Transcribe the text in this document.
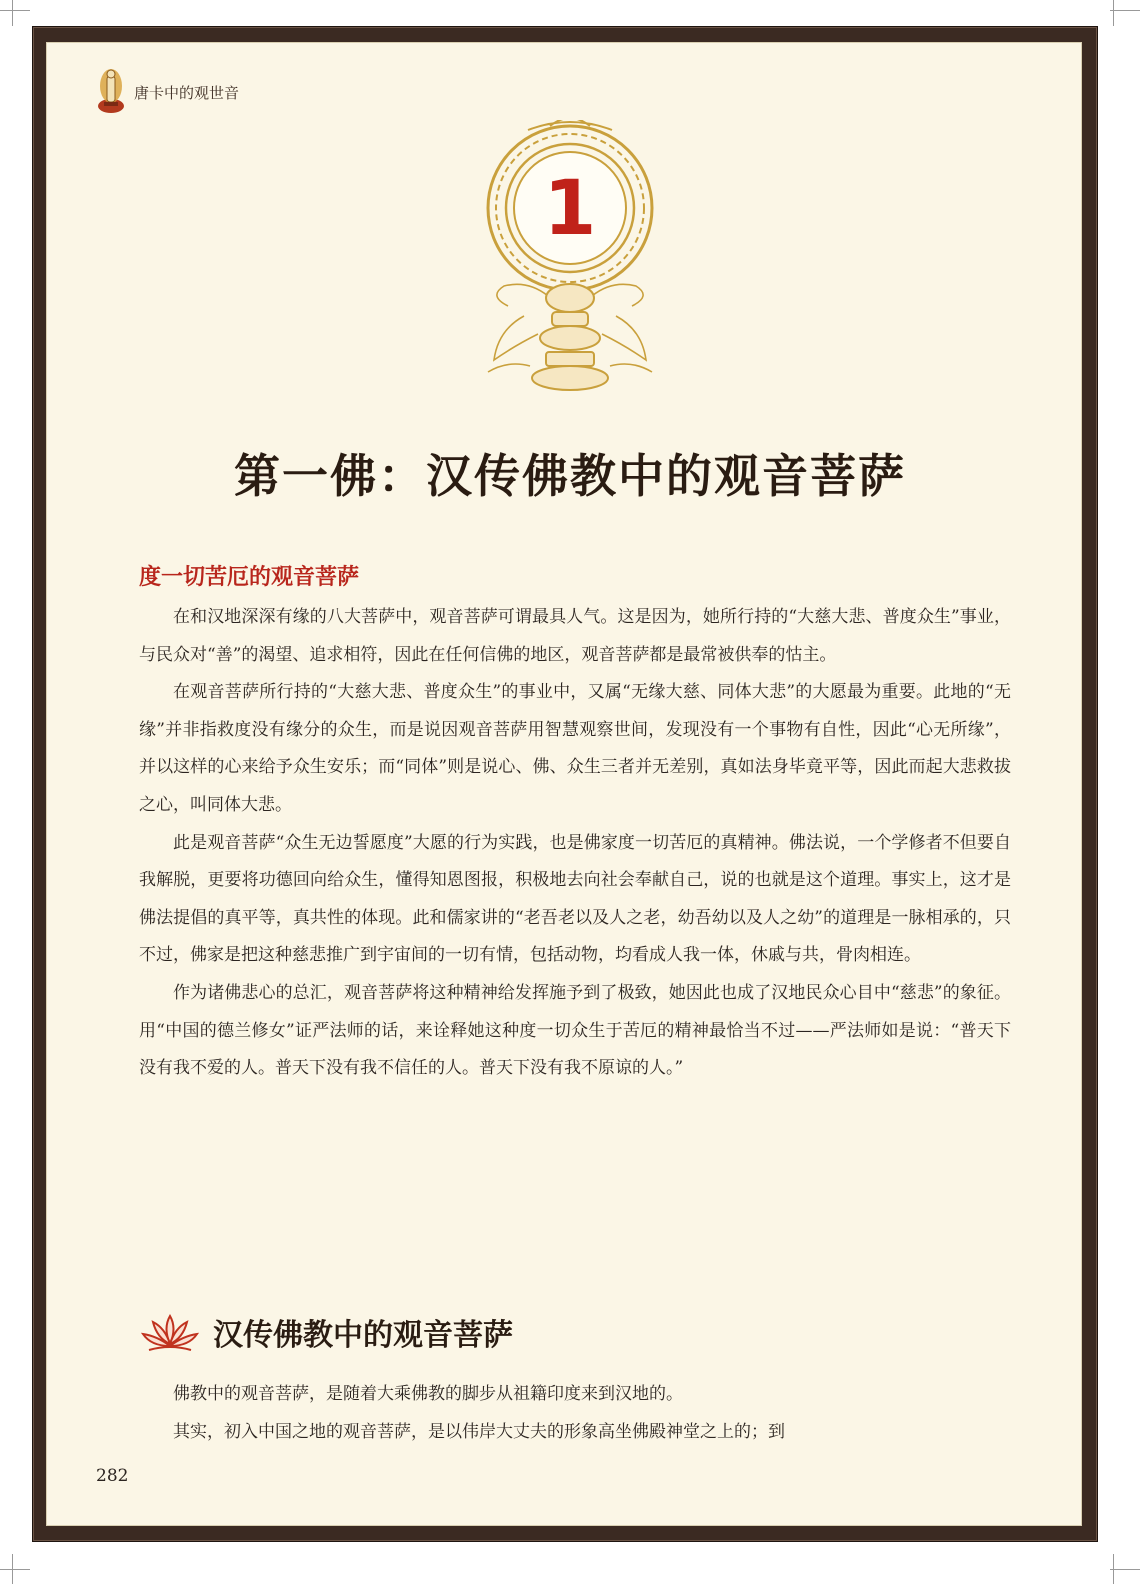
唐卡中的观世音
1
第一佛：汉传佛教中的观音菩萨
度一切苦厄的观音菩萨

在和汉地深深有缘的八大菩萨中，观音菩萨可谓最具人气。这是因为，她所行持的“大慈大悲、普度众生”事业，与民众对“善”的渴望、追求相符，因此在任何信佛的地区，观音菩萨都是最常被供奉的怙主。

在观音菩萨所行持的“大慈大悲、普度众生”的事业中，又属“无缘大慈、同体大悲”的大愿最为重要。此地的“无缘”并非指救度没有缘分的众生，而是说因观音菩萨用智慧观察世间，发现没有一个事物有自性，因此“心无所缘”，并以这样的心来给予众生安乐；而“同体”则是说心、佛、众生三者并无差别，真如法身毕竟平等，因此而起大悲救拔之心，叫同体大悲。

此是观音菩萨“众生无边誓愿度”大愿的行为实践，也是佛家度一切苦厄的真精神。佛法说，一个学修者不但要自我解脱，更要将功德回向给众生，懂得知恩图报，积极地去向社会奉献自己，说的也就是这个道理。事实上，这才是佛法提倡的真平等，真共性的体现。此和儒家讲的“老吾老以及人之老，幼吾幼以及人之幼”的道理是一脉相承的，只不过，佛家是把这种慈悲推广到宇宙间的一切有情，包括动物，均看成人我一体，休戚与共，骨肉相连。

作为诸佛悲心的总汇，观音菩萨将这种精神给发挥施予到了极致，她因此也成了汉地民众心目中“慈悲”的象征。用“中国的德兰修女”证严法师的话，来诠释她这种度一切众生于苦厄的精神最恰当不过——严法师如是说：“普天下没有我不爱的人。普天下没有我不信任的人。普天下没有我不原谅的人。”

汉传佛教中的观音菩萨

佛教中的观音菩萨，是随着大乘佛教的脚步从祖籍印度来到汉地的。

其实，初入中国之地的观音菩萨，是以伟岸大丈夫的形象高坐佛殿神堂之上的；到

282
